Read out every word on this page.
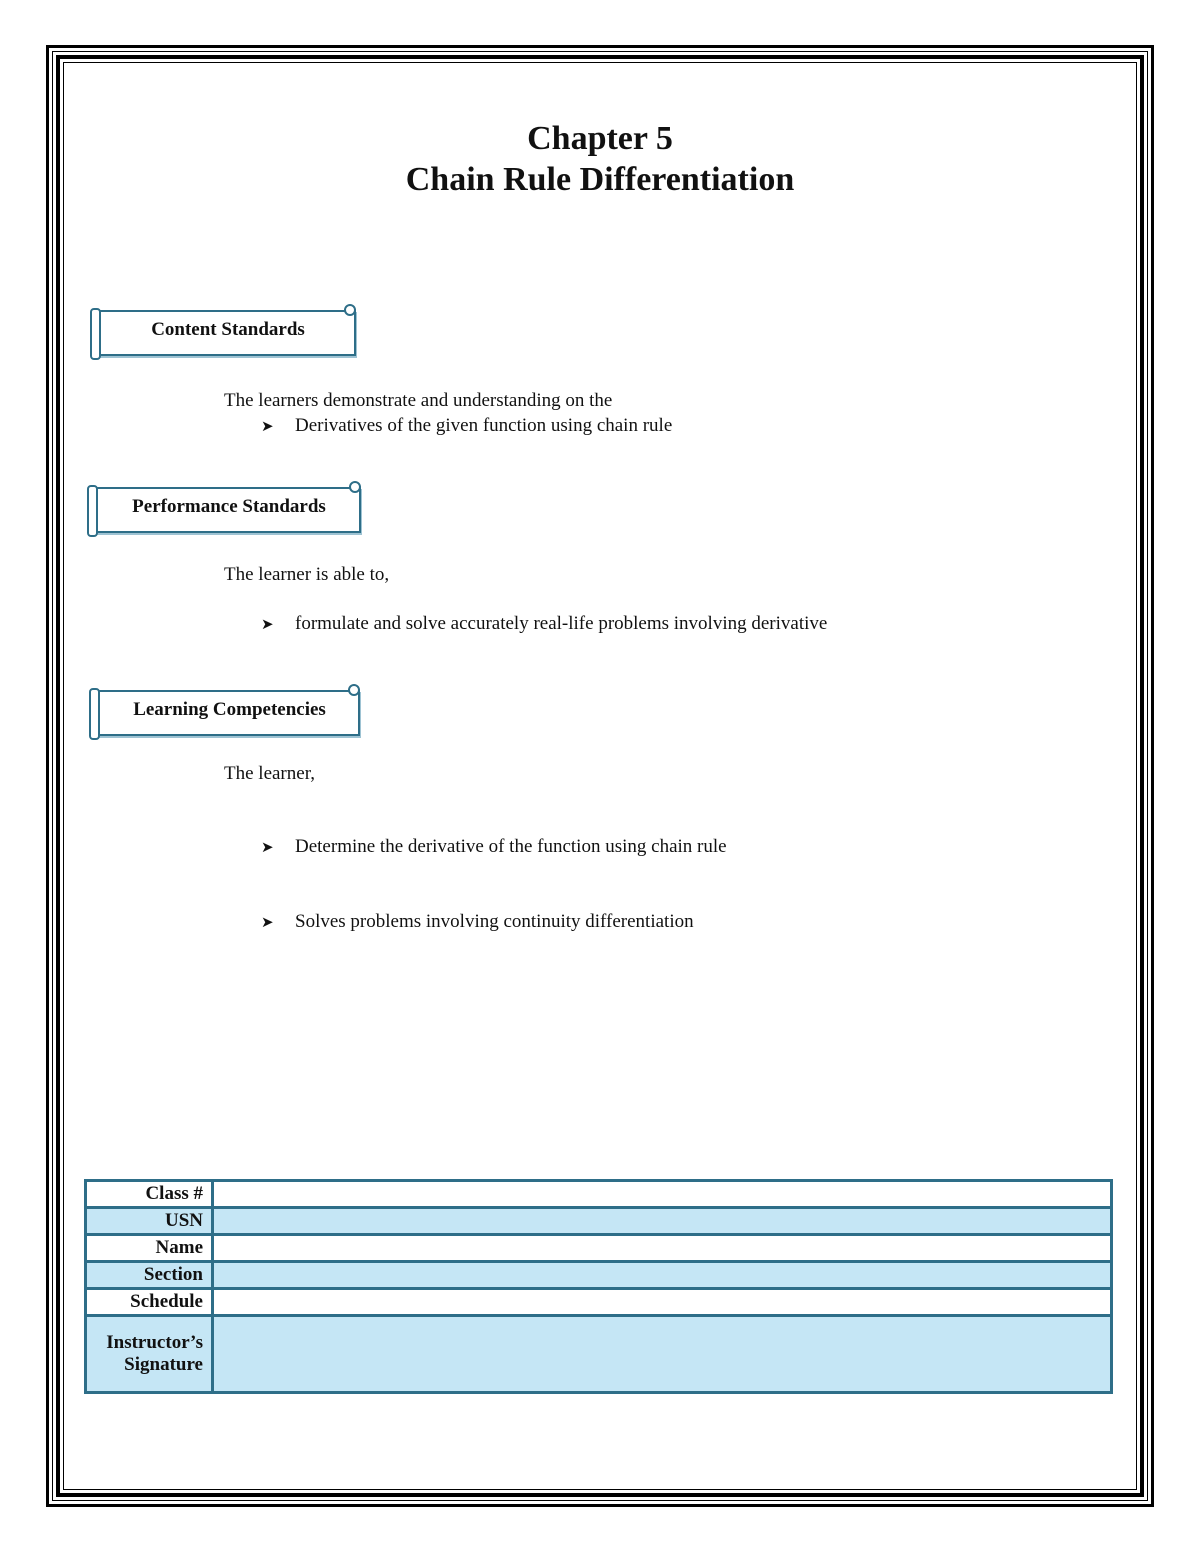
Chapter 5
Chain Rule Differentiation
Content Standards

The learners demonstrate and understanding on the

➤ Derivatives of the given function using chain rule
Performance Standards

The learner is able to,

➤ formulate and solve accurately real-life problems involving derivative
Learning Competencies

The learner,

➤ Determine the derivative of the function using chain rule
➤ Solves problems involving continuity differentiation
Class #	
USN	
Name	
Section	
Schedule	
Instructor’s
Signature	
